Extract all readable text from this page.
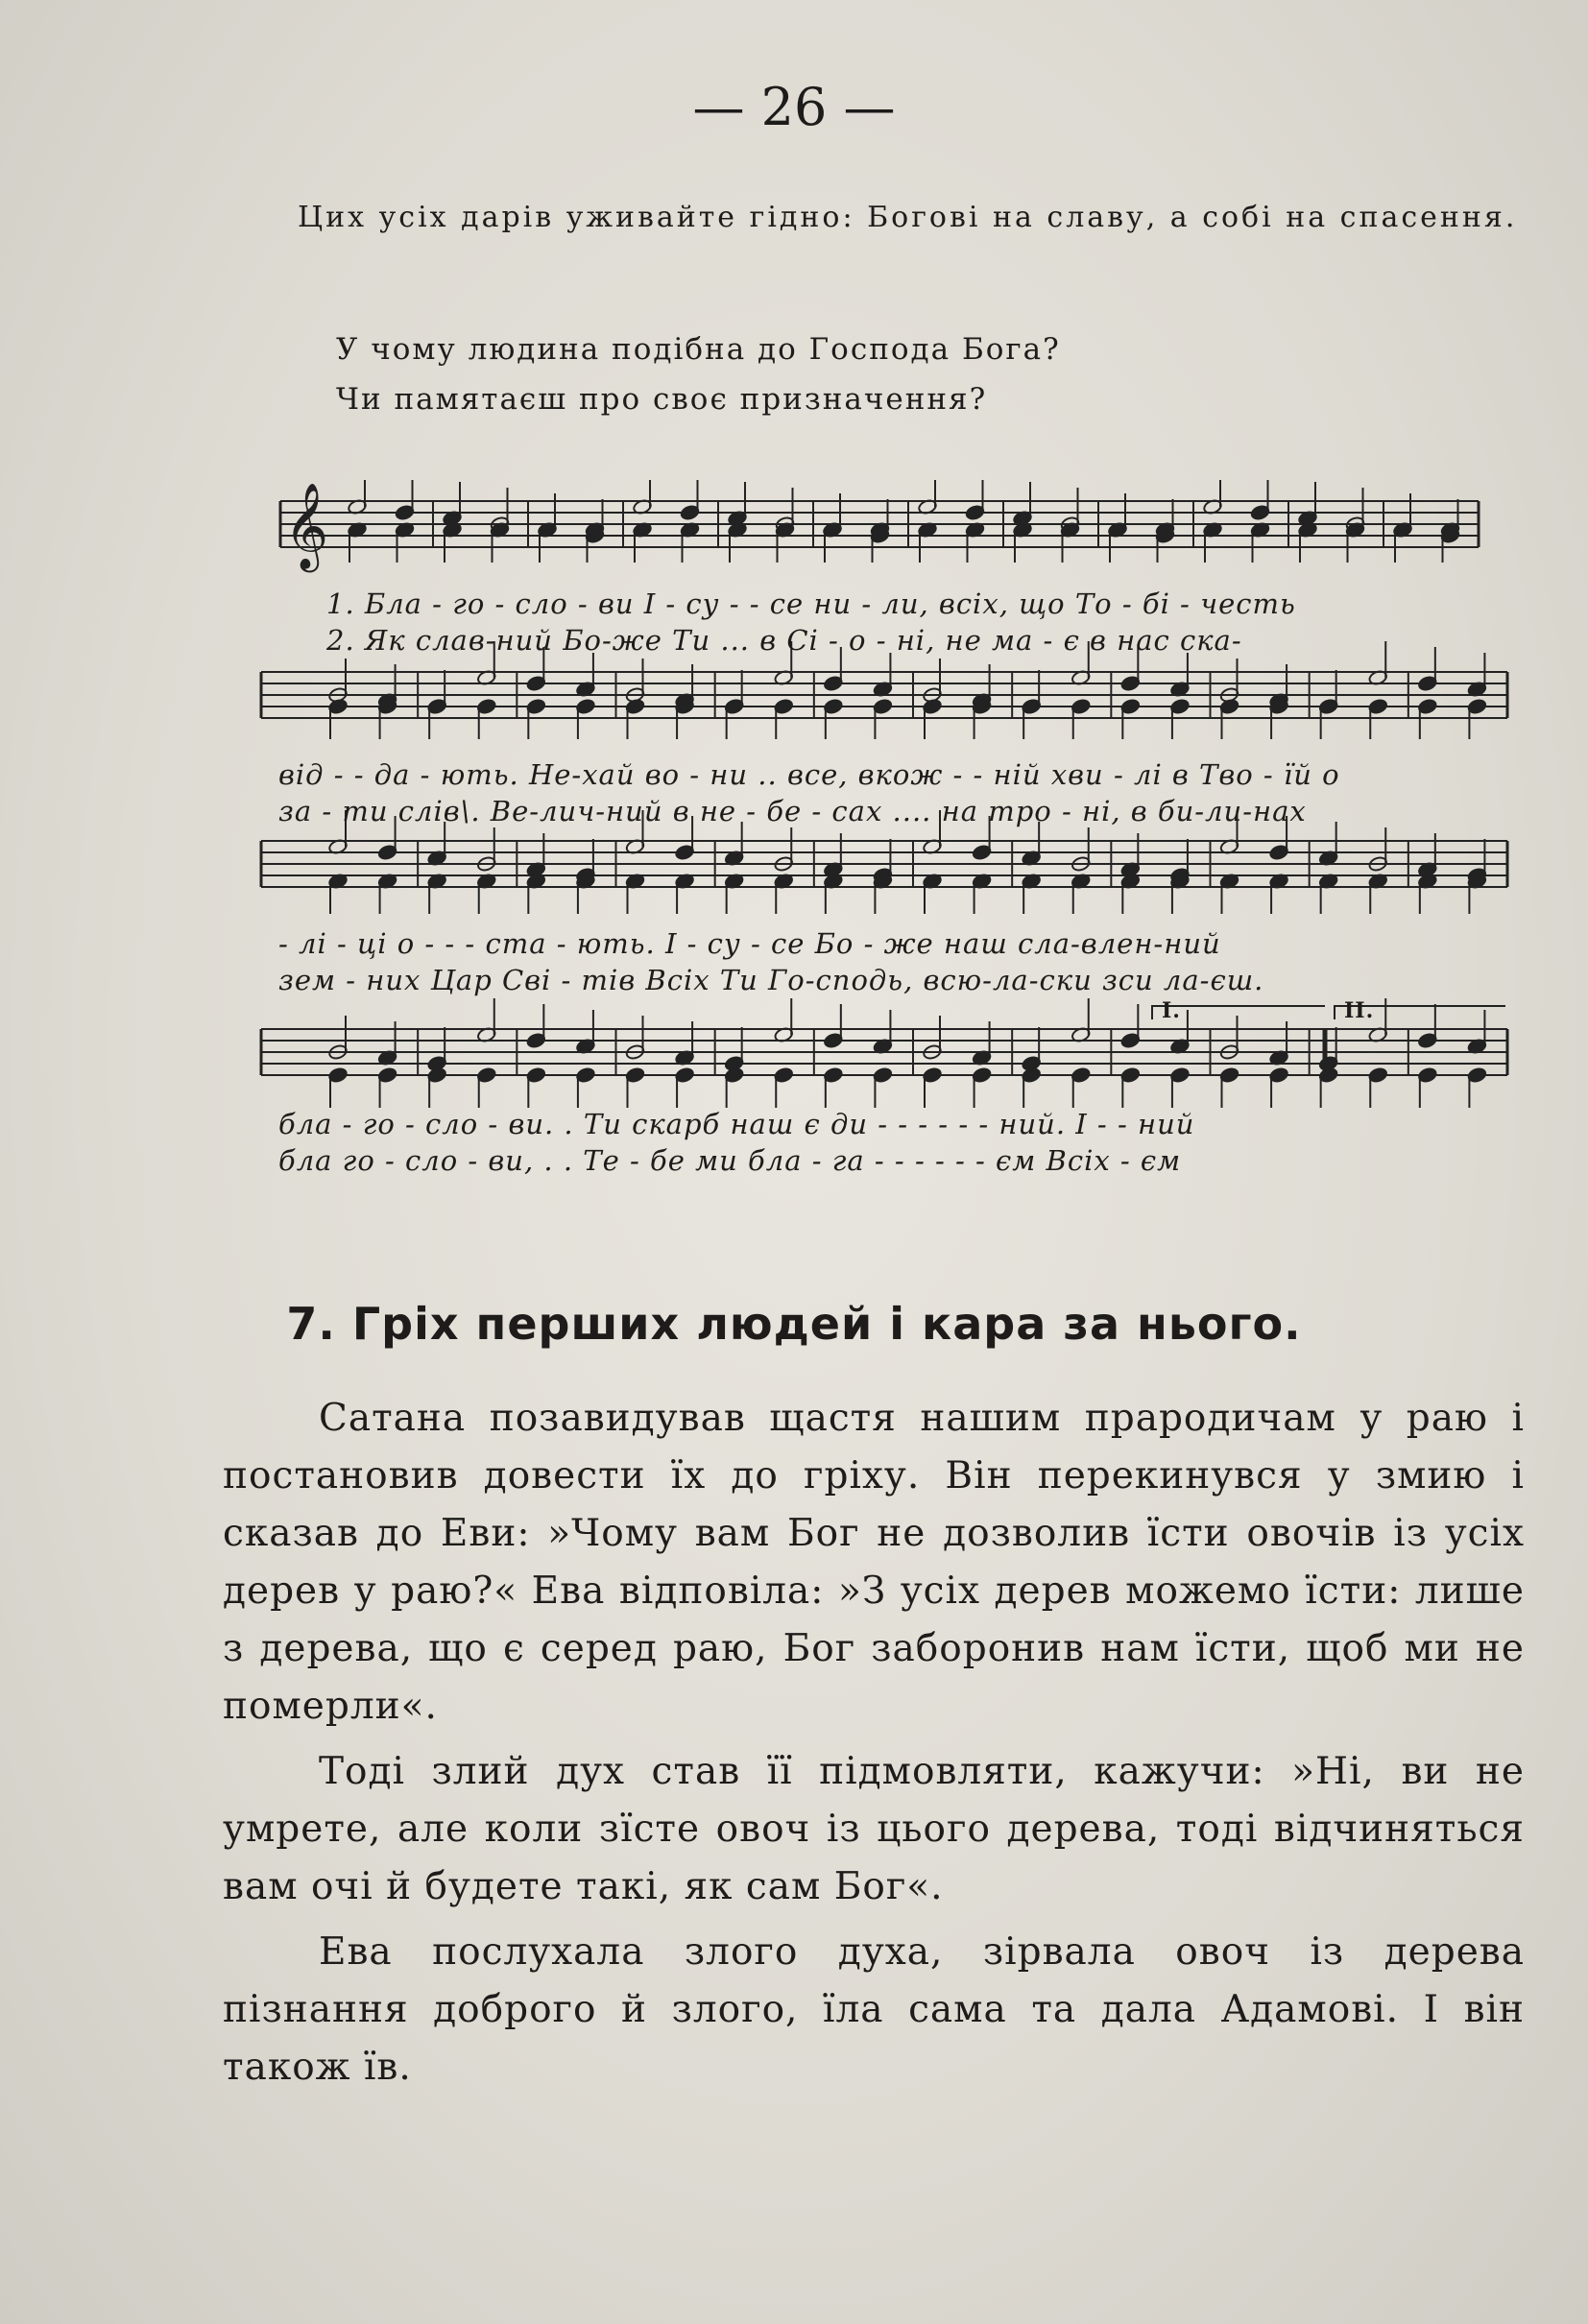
— 26 —

Цих усіх дарів уживайте гідно: Богові на славу, а собі на спасення.

У чому людина подібна до Господа Бога?
Чи памятаєш про своє призначення?
𝄞
1. Бла - го - сло - ви І - су - - се ни - ли, всіх, що То - бі - честь
2. Як слав-ний Бо-же Ти ... в Сі - о - ні, не ма - є в нас ска-
від - - да - ють. Не-хай во - ни .. все, вкож - - ній хви - лі в Тво - їй о
за - ти слів\. Ве-лич-ний в не - бе - сах .... на тро - ні, в би-ли-нах
- лі - ці о - - - ста - ють. І - су - се Бо - же наш сла-влен-ний
зем - них Цар Сві - тів Всіх Ти Го-сподь, всю-ла-ски зси ла-єш.
бла - го - сло - ви. . Ти скарб наш є ди - - - - - - ний. І - - ний
бла го - сло - ви, . . Те - бе ми бла - га - - - - - - єм Всіх - єм
I.	II.
7. Гріх перших людей і кара за нього.

Сатана позавидував щастя нашим прародичам у раю і постановив довести їх до гріху. Він перекинувся у змию і сказав до Еви: »Чому вам Бог не дозволив їсти овочів із усіх дерев у раю?« Ева відповіла: »З усіх дерев можемо їсти: лише з дерева, що є серед раю, Бог заборонив нам їсти, щоб ми не померли«.

Тоді злий дух став її підмовляти, кажучи: »Ні, ви не умрете, але коли зїсте овоч із цього дерева, тоді відчиняться вам очі й будете такі, як сам Бог«.

Ева послухала злого духа, зірвала овоч із дерева пізнання доброго й злого, їла сама та дала Адамові. І він також їв.
